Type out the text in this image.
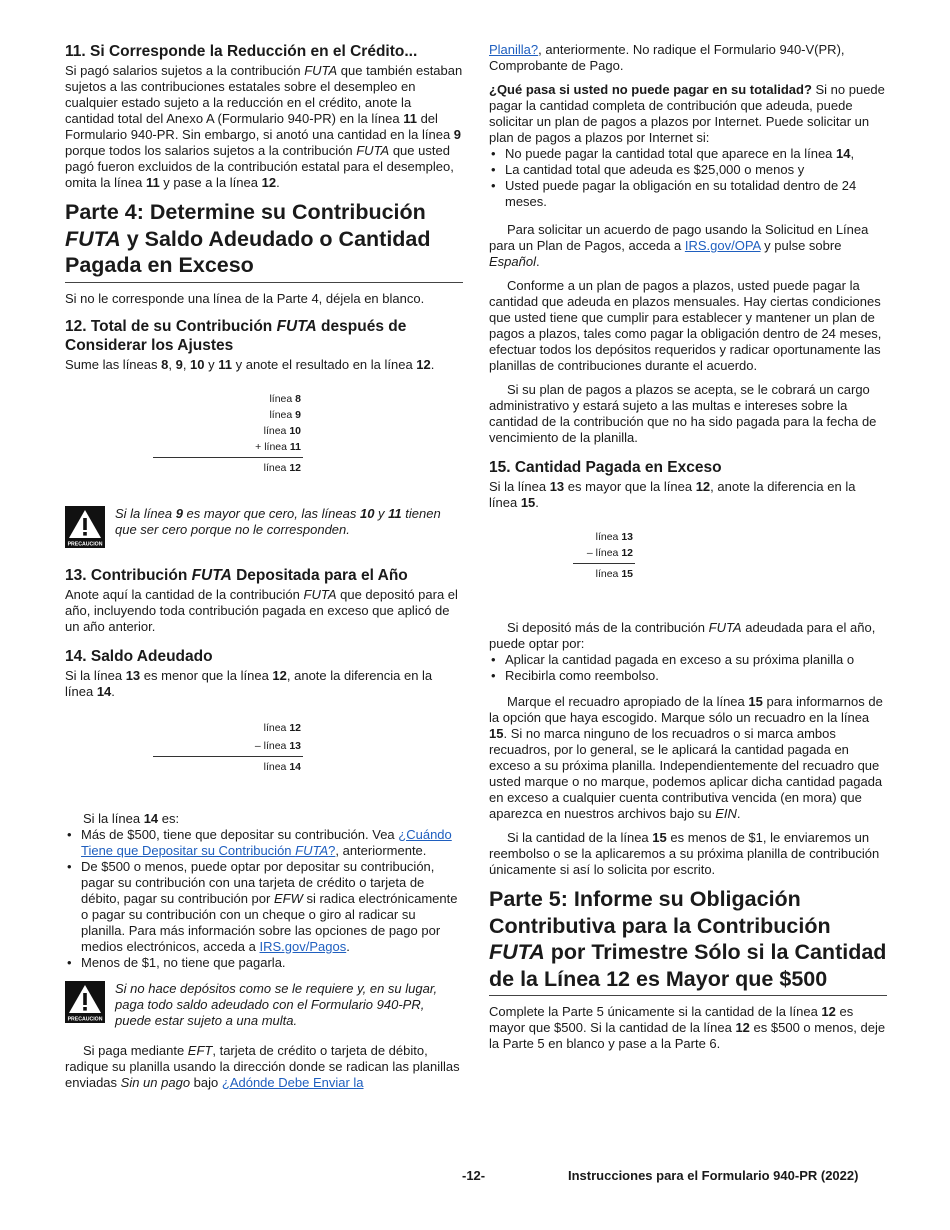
11. Si Corresponde la Reducción en el Crédito...

Si pagó salarios sujetos a la contribución FUTA que también estaban sujetos a las contribuciones estatales sobre el desempleo en cualquier estado sujeto a la reducción en el crédito, anote la cantidad total del Anexo A (Formulario 940-PR) en la línea 11 del Formulario 940-PR. Sin embargo, si anotó una cantidad en la línea 9 porque todos los salarios sujetos a la contribución FUTA que usted pagó fueron excluidos de la contribución estatal para el desempleo, omita la línea 11 y pase a la línea 12.

Parte 4: Determine su Contribución FUTA y Saldo Adeudado o Cantidad Pagada en Exceso

Si no le corresponde una línea de la Parte 4, déjela en blanco.

12. Total de su Contribución FUTA después de Considerar los Ajustes

Sume las líneas 8, 9, 10 y 11 y anote el resultado en la línea 12.

línea 8
línea 9
línea 10
+ línea 11
línea 12
PRECAUCION
Si la línea 9 es mayor que cero, las líneas 10 y 11 tienen que ser cero porque no le corresponden.
13. Contribución FUTA Depositada para el Año

Anote aquí la cantidad de la contribución FUTA que depositó para el año, incluyendo toda contribución pagada en exceso que aplicó de un año anterior.

14. Saldo Adeudado

Si la línea 13 es menor que la línea 12, anote la diferencia en la línea 14.

línea 12
– línea 13
línea 14

Si la línea 14 es:

• Más de $500, tiene que depositar su contribución. Vea ¿Cuándo Tiene que Depositar su Contribución FUTA?, anteriormente.
• De $500 o menos, puede optar por depositar su contribución, pagar su contribución con una tarjeta de crédito o tarjeta de débito, pagar su contribución por EFW si radica electrónicamente o pagar su contribución con un cheque o giro al radicar su planilla. Para más información sobre las opciones de pago por medios electrónicos, acceda a IRS.gov/Pagos.
• Menos de $1, no tiene que pagarla.
PRECAUCION
Si no hace depósitos como se le requiere y, en su lugar, paga todo saldo adeudado con el Formulario 940-PR, puede estar sujeto a una multa.

Si paga mediante EFT, tarjeta de crédito o tarjeta de débito, radique su planilla usando la dirección donde se radican las planillas enviadas Sin un pago bajo ¿Adónde Debe Enviar la

Planilla?, anteriormente. No radique el Formulario 940-V(PR), Comprobante de Pago.

¿Qué pasa si usted no puede pagar en su totalidad? Si no puede pagar la cantidad completa de contribución que adeuda, puede solicitar un plan de pagos a plazos por Internet. Puede solicitar un plan de pagos a plazos por Internet si:

• No puede pagar la cantidad total que aparece en la línea 14,
• La cantidad total que adeuda es $25,000 o menos y
• Usted puede pagar la obligación en su totalidad dentro de 24 meses.

Para solicitar un acuerdo de pago usando la Solicitud en Línea para un Plan de Pagos, acceda a IRS.gov/OPA y pulse sobre Español.

Conforme a un plan de pagos a plazos, usted puede pagar la cantidad que adeuda en plazos mensuales. Hay ciertas condiciones que usted tiene que cumplir para establecer y mantener un plan de pagos a plazos, tales como pagar la obligación dentro de 24 meses, efectuar todos los depósitos requeridos y radicar oportunamente las planillas de contribuciones durante el acuerdo.

Si su plan de pagos a plazos se acepta, se le cobrará un cargo administrativo y estará sujeto a las multas e intereses sobre la cantidad de la contribución que no ha sido pagada para la fecha de vencimiento de la planilla.

15. Cantidad Pagada en Exceso

Si la línea 13 es mayor que la línea 12, anote la diferencia en la línea 15.

línea 13
– línea 12
línea 15

Si depositó más de la contribución FUTA adeudada para el año, puede optar por:

• Aplicar la cantidad pagada en exceso a su próxima planilla o
• Recibirla como reembolso.

Marque el recuadro apropiado de la línea 15 para informarnos de la opción que haya escogido. Marque sólo un recuadro en la línea 15. Si no marca ninguno de los recuadros o si marca ambos recuadros, por lo general, se le aplicará la cantidad pagada en exceso a su próxima planilla. Independientemente del recuadro que usted marque o no marque, podemos aplicar dicha cantidad pagada en exceso a cualquier cuenta contributiva vencida (en mora) que aparezca en nuestros archivos bajo su EIN.

Si la cantidad de la línea 15 es menos de $1, le enviaremos un reembolso o se la aplicaremos a su próxima planilla de contribución únicamente si así lo solicita por escrito.

Parte 5: Informe su Obligación Contributiva para la Contribución FUTA por Trimestre Sólo si la Cantidad de la Línea 12 es Mayor que $500

Complete la Parte 5 únicamente si la cantidad de la línea 12 es mayor que $500. Si la cantidad de la línea 12 es $500 o menos, deje la Parte 5 en blanco y pase a la Parte 6.

-12-	Instrucciones para el Formulario 940-PR (2022)
